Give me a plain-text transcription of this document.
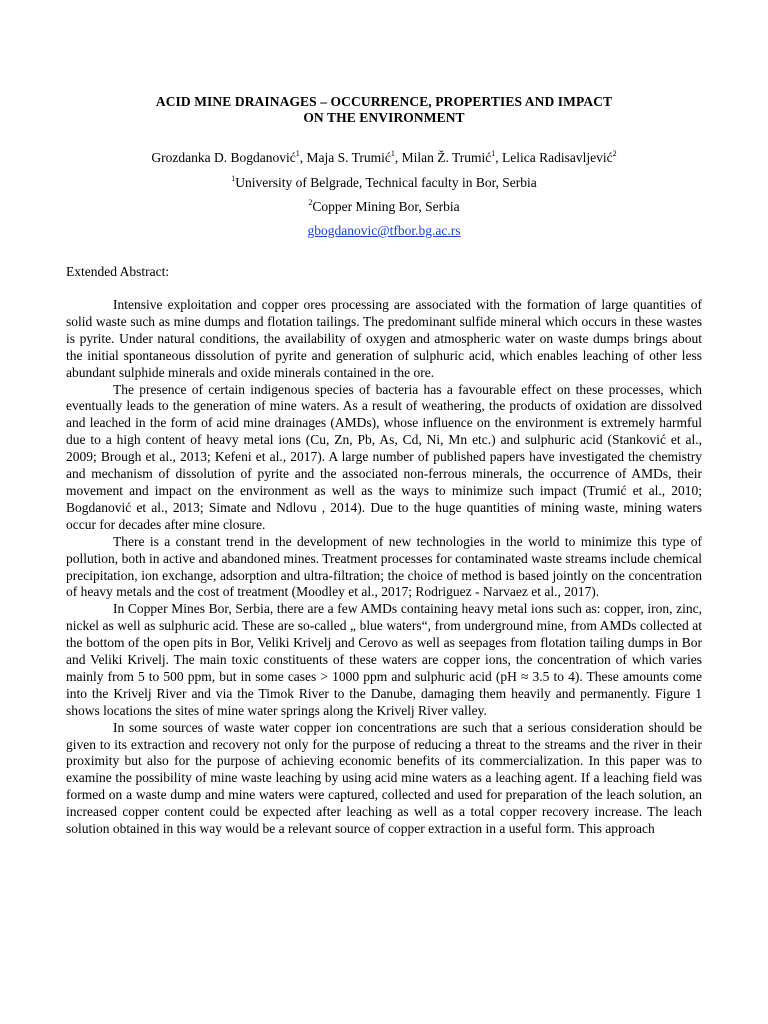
ACID MINE DRAINAGES – OCCURRENCE, PROPERTIES AND IMPACT
ON THE ENVIRONMENT
Grozdanka D. Bogdanović$^1$, Maja S. Trumić$^1$, Milan Ž. Trumić$^1$, Lelica Radisavljević$^2$
$^1$University of Belgrade, Technical faculty in Bor, Serbia
$^2$Copper Mining Bor, Serbia
gbogdanovic@tfbor.bg.ac.rs
Extended Abstract:

Intensive exploitation and copper ores processing are associated with the formation of large quantities of solid waste such as mine dumps and flotation tailings. The predominant sulfide mineral which occurs in these wastes is pyrite. Under natural conditions, the availability of oxygen and atmospheric water on waste dumps brings about the initial spontaneous dissolution of pyrite and generation of sulphuric acid, which enables leaching of other less abundant sulphide minerals and oxide minerals contained in the ore.

The presence of certain indigenous species of bacteria has a favourable effect on these processes, which eventually leads to the generation of mine waters. As a result of weathering, the products of oxidation are dissolved and leached in the form of acid mine drainages (AMDs), whose influence on the environment is extremely harmful due to a high content of heavy metal ions (Cu, Zn, Pb, As, Cd, Ni, Mn etc.) and sulphuric acid (Stanković et al., 2009; Brough et al., 2013; Kefeni et al., 2017). A large number of published papers have investigated the chemistry and mechanism of dissolution of pyrite and the associated non-ferrous minerals, the occurrence of AMDs, their movement and impact on the environment as well as the ways to minimize such impact (Trumić et al., 2010; Bogdanović et al., 2013; Simate and Ndlovu , 2014). Due to the huge quantities of mining waste, mining waters occur for decades after mine closure.

There is a constant trend in the development of new technologies in the world to minimize this type of pollution, both in active and abandoned mines. Treatment processes for contaminated waste streams include chemical precipitation, ion exchange, adsorption and ultra-filtration; the choice of method is based jointly on the concentration of heavy metals and the cost of treatment (Moodley et al., 2017; Rodriguez - Narvaez et al., 2017).

In Copper Mines Bor, Serbia, there are a few AMDs containing heavy metal ions such as: copper, iron, zinc, nickel as well as sulphuric acid. These are so-called „ blue waters“, from underground mine, from AMDs collected at the bottom of the open pits in Bor, Veliki Krivelj and Cerovo as well as seepages from flotation tailing dumps in Bor and Veliki Krivelj. The main toxic constituents of these waters are copper ions, the concentration of which varies mainly from 5 to 500 ppm, but in some cases > 1000 ppm and sulphuric acid (pH ≈ 3.5 to 4). These amounts come into the Krivelj River and via the Timok River to the Danube, damaging them heavily and permanently. Figure 1 shows locations the sites of mine water springs along the Krivelj River valley.

In some sources of waste water copper ion concentrations are such that a serious consideration should be given to its extraction and recovery not only for the purpose of reducing a threat to the streams and the river in their proximity but also for the purpose of achieving economic benefits of its commercialization. In this paper was to examine the possibility of mine waste leaching by using acid mine waters as a leaching agent. If a leaching field was formed on a waste dump and mine waters were captured, collected and used for preparation of the leach solution, an increased copper content could be expected after leaching as well as a total copper recovery increase. The leach solution obtained in this way would be a relevant source of copper extraction in a useful form. This approach
